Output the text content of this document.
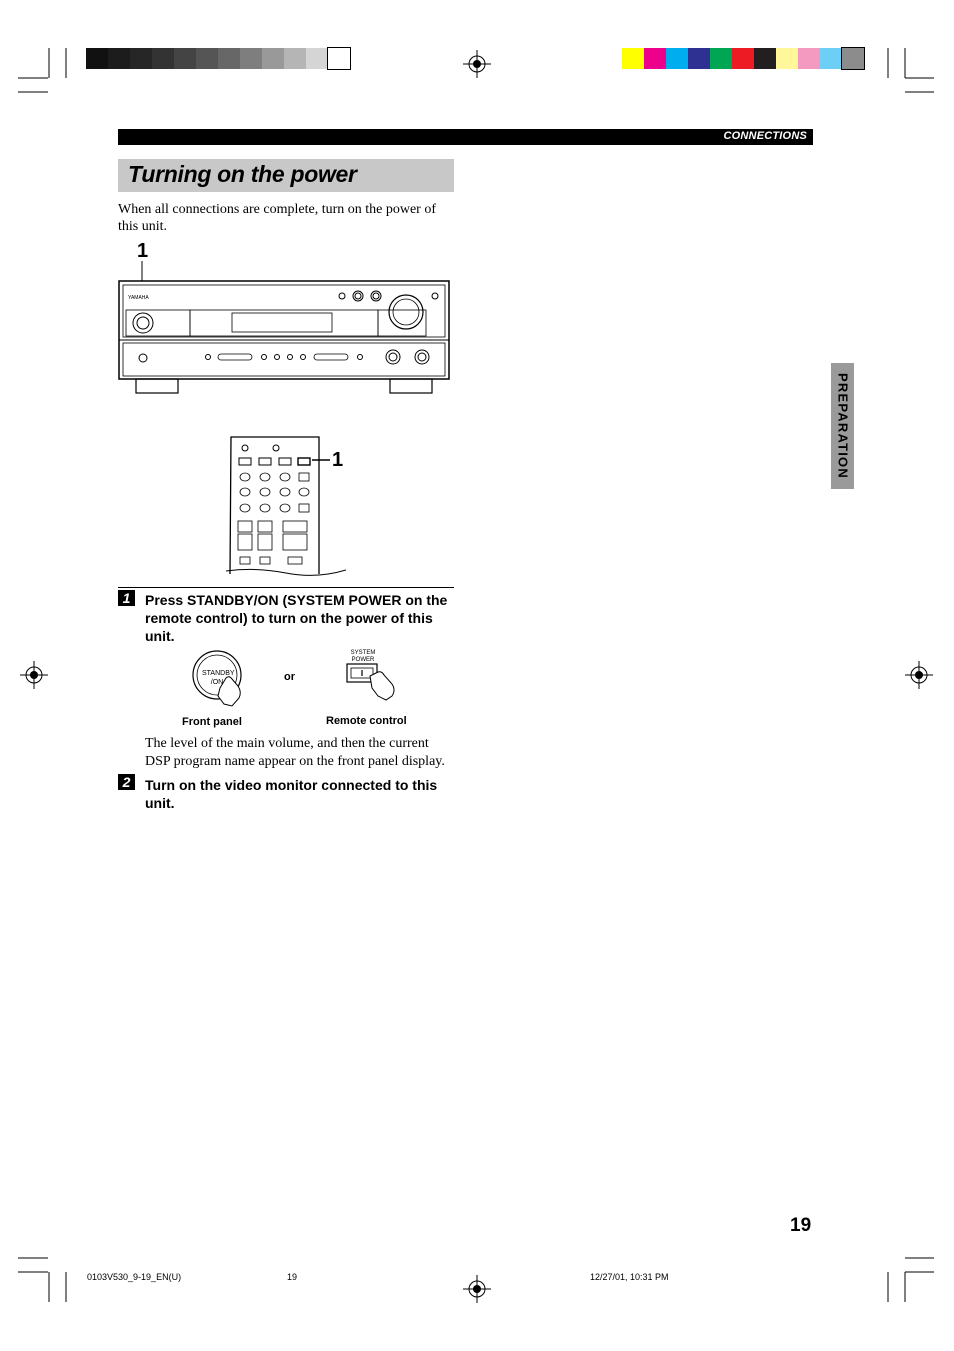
CONNECTIONS
Turning on the power
When all connections are complete, turn on the power of this unit.
1
YAMAHA
1	PREPARATION
1	Press STANDBY/ON (SYSTEM POWER on the remote control) to turn on the power of this unit.
STANDBY /ON	or
SYSTEM POWER
Front panel	Remote control
The level of the main volume, and then the current DSP program name appear on the front panel display.
2	Turn on the video monitor connected to this unit.
19
0103V530_9-19_EN(U)	19	12/27/01, 10:31 PM
